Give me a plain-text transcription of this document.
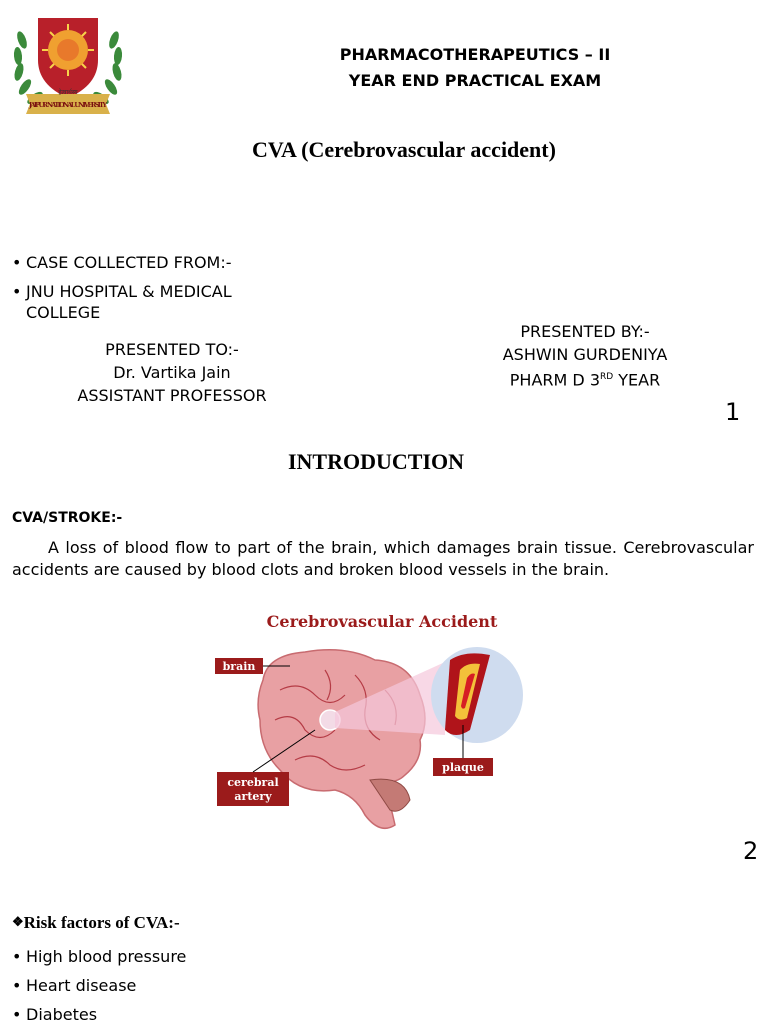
हेत्वार्थस्य
JAIPUR NATIONAL UNIVERSITY
PHARMACOTHERAPEUTICS – II
YEAR END PRACTICAL EXAM
CVA (Cerebrovascular accident)
• CASE COLLECTED FROM:-
• JNU HOSPITAL & MEDICAL COLLEGE
PRESENTED TO:-
Dr. Vartika Jain
ASSISTANT PROFESSOR
PRESENTED BY:-
ASHWIN GURDENIYA
PHARM D 3RD YEAR
1
INTRODUCTION
CVA/STROKE:-
A loss of blood flow to part of the brain, which damages brain tissue. Cerebrovascular accidents are caused by blood clots and broken blood vessels in the brain.
Cerebrovascular Accident
brain
cerebral
artery
plaque
2
❖Risk factors of CVA:-
• High blood pressure
• Heart disease
• Diabetes
